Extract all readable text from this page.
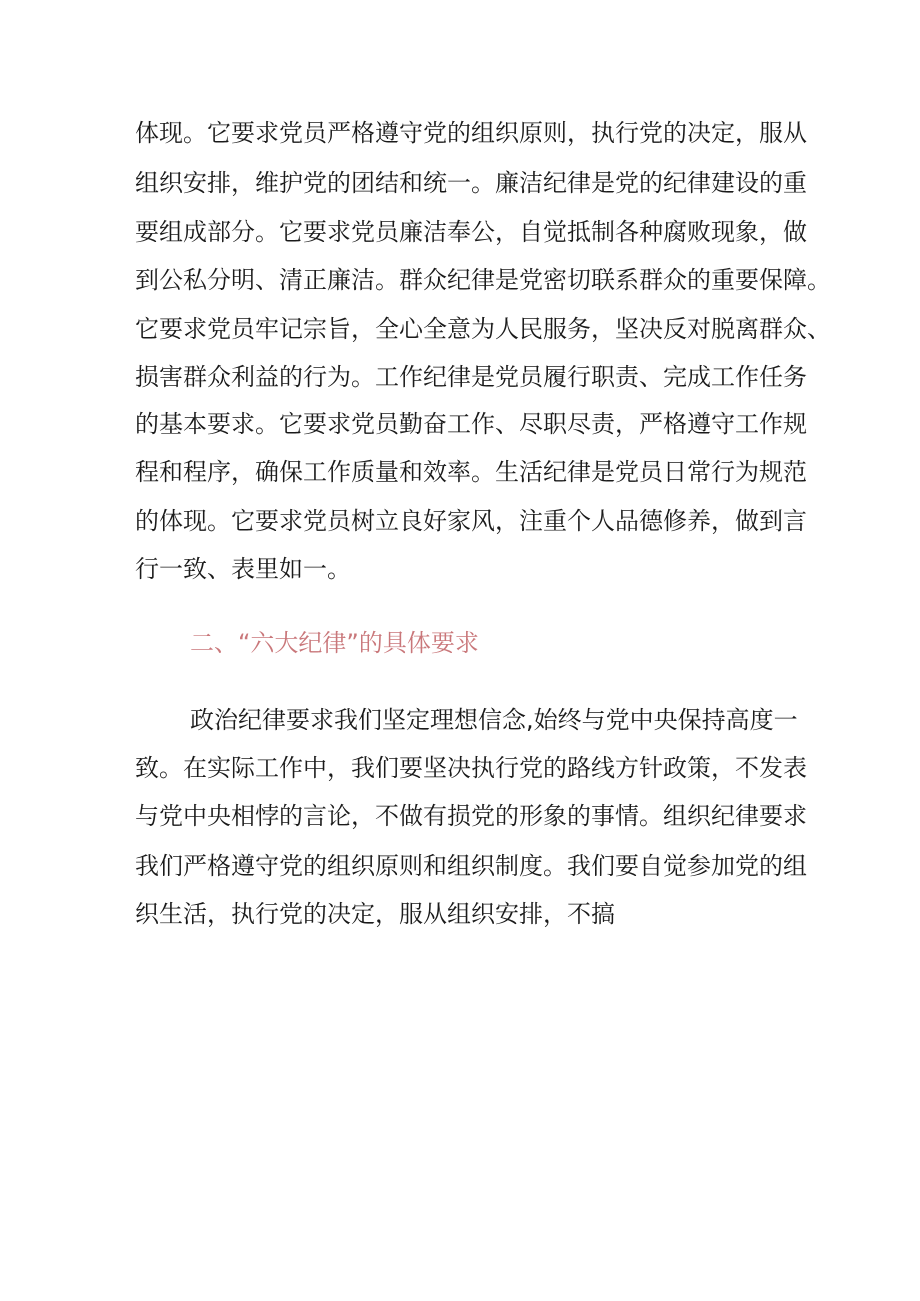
体现。它要求党员严格遵守党的组织原则，执行党的决定，服从

组织安排，维护党的团结和统一。廉洁纪律是党的纪律建设的重

要组成部分。它要求党员廉洁奉公，自觉抵制各种腐败现象，做

到公私分明、清正廉洁。群众纪律是党密切联系群众的重要保障。

它要求党员牢记宗旨，全心全意为人民服务，坚决反对脱离群众、

损害群众利益的行为。工作纪律是党员履行职责、完成工作任务

的基本要求。它要求党员勤奋工作、尽职尽责，严格遵守工作规

程和程序，确保工作质量和效率。生活纪律是党员日常行为规范

的体现。它要求党员树立良好家风，注重个人品德修养，做到言

行一致、表里如一。

二、“六大纪律”的具体要求

政治纪律要求我们坚定理想信念,始终与党中央保持高度一

致。在实际工作中，我们要坚决执行党的路线方针政策，不发表

与党中央相悖的言论，不做有损党的形象的事情。组织纪律要求

我们严格遵守党的组织原则和组织制度。我们要自觉参加党的组

织生活，执行党的决定，服从组织安排，不搞
